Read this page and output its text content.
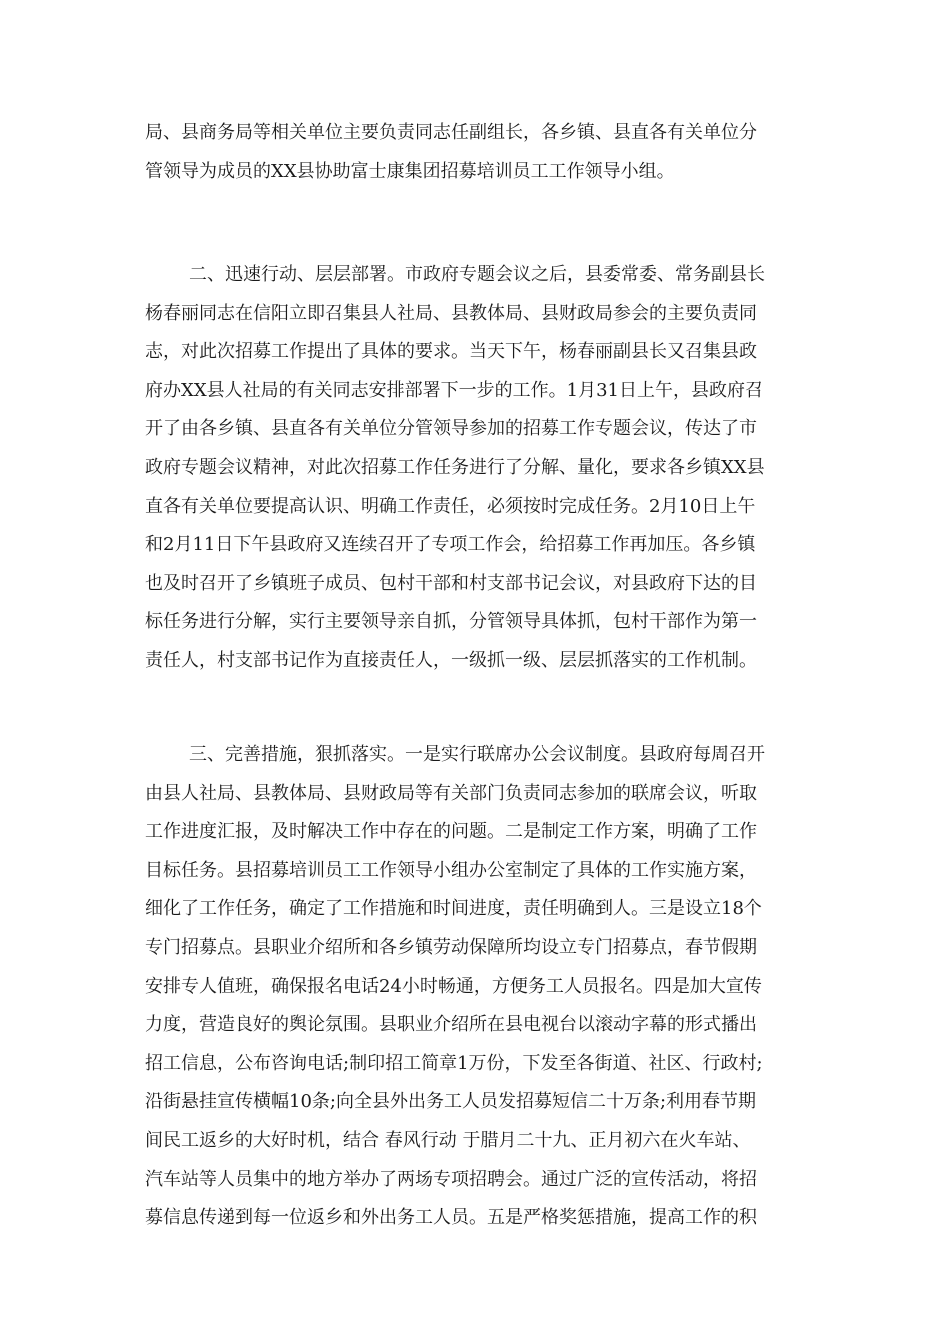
局、县商务局等相关单位主要负责同志任副组长，各乡镇、县直各有关单位分
管领导为成员的XX县协助富士康集团招募培训员工工作领导小组。
二、迅速行动、层层部署。市政府专题会议之后，县委常委、常务副县长
杨春丽同志在信阳立即召集县人社局、县教体局、县财政局参会的主要负责同
志，对此次招募工作提出了具体的要求。当天下午，杨春丽副县长又召集县政
府办XX县人社局的有关同志安排部署下一步的工作。1月31日上午，县政府召
开了由各乡镇、县直各有关单位分管领导参加的招募工作专题会议，传达了市
政府专题会议精神，对此次招募工作任务进行了分解、量化，要求各乡镇XX县
直各有关单位要提高认识、明确工作责任，必须按时完成任务。2月10日上午
和2月11日下午县政府又连续召开了专项工作会，给招募工作再加压。各乡镇
也及时召开了乡镇班子成员、包村干部和村支部书记会议，对县政府下达的目
标任务进行分解，实行主要领导亲自抓，分管领导具体抓，包村干部作为第一
责任人，村支部书记作为直接责任人，一级抓一级、层层抓落实的工作机制。
三、完善措施，狠抓落实。一是实行联席办公会议制度。县政府每周召开
由县人社局、县教体局、县财政局等有关部门负责同志参加的联席会议，听取
工作进度汇报，及时解决工作中存在的问题。二是制定工作方案，明确了工作
目标任务。县招募培训员工工作领导小组办公室制定了具体的工作实施方案，
细化了工作任务，确定了工作措施和时间进度，责任明确到人。三是设立18个
专门招募点。县职业介绍所和各乡镇劳动保障所均设立专门招募点，春节假期
安排专人值班，确保报名电话24小时畅通，方便务工人员报名。四是加大宣传
力度，营造良好的舆论氛围。县职业介绍所在县电视台以滚动字幕的形式播出
招工信息，公布咨询电话;制印招工简章1万份，下发至各街道、社区、行政村;
沿街悬挂宣传横幅10条;向全县外出务工人员发招募短信二十万条;利用春节期
间民工返乡的大好时机，结合 春风行动 于腊月二十九、正月初六在火车站、
汽车站等人员集中的地方举办了两场专项招聘会。通过广泛的宣传活动，将招
募信息传递到每一位返乡和外出务工人员。五是严格奖惩措施，提高工作的积
